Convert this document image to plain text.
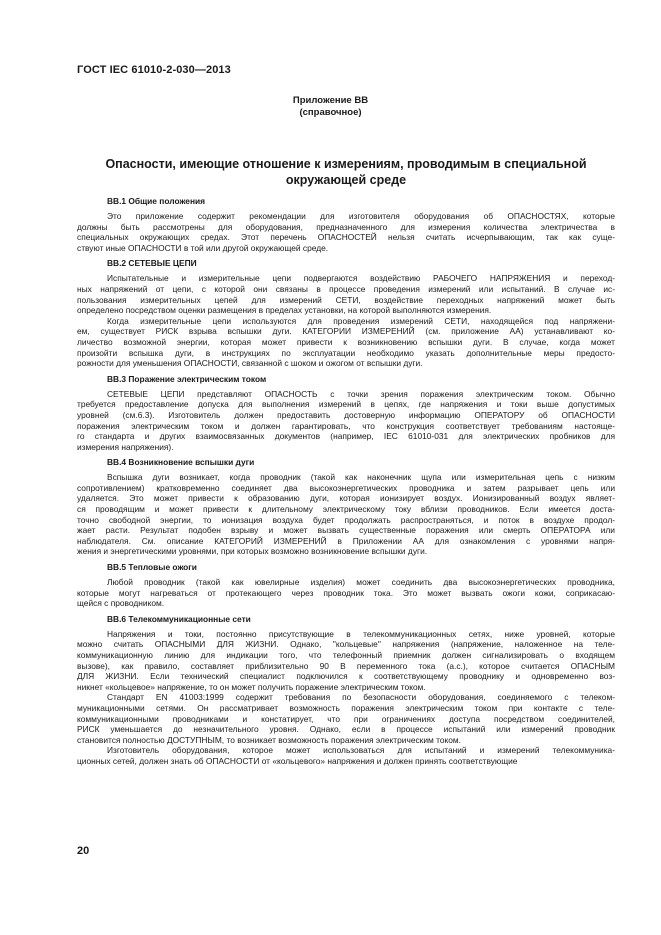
ГОСТ IEC 61010-2-030—2013
Приложение ВВ
(справочное)
Опасности, имеющие отношение к измерениям, проводимым в специальной
окружающей среде
ВВ.1 Общие положения
Это приложение содержит рекомендации для изготовителя оборудования об ОПАСНОСТЯХ, которые
должны быть рассмотрены для оборудования, предназначенного для измерения количества электричества в
специальных окружающих средах. Этот перечень ОПАСНОСТЕЙ нельзя считать исчерпывающим, так как суще-
ствуют иные ОПАСНОСТИ в той или другой окружающей среде.
ВВ.2 СЕТЕВЫЕ ЦЕПИ
Испытательные и измерительные цепи подвергаются воздействию РАБОЧЕГО НАПРЯЖЕНИЯ и переход-
ных напряжений от цепи, с которой они связаны в процессе проведения измерений или испытаний. В случае ис-
пользования измерительных цепей для измерений СЕТИ, воздействие переходных напряжений может быть
определено посредством оценки размещения в пределах установки, на которой выполняются измерения.
Когда измерительные цепи используются для проведения измерений СЕТИ, находящейся под напряжени-
ем, существует РИСК взрыва вспышки дуги. КАТЕГОРИИ ИЗМЕРЕНИЙ (см. приложение АА) устанавливают ко-
личество возможной энергии, которая может привести к возникновению вспышки дуги. В случае, когда может
произойти вспышка дуги, в инструкциях по эксплуатации необходимо указать дополнительные меры предосто-
рожности для уменьшения ОПАСНОСТИ, связанной с шоком и ожогом от вспышки дуги.
ВВ.3 Поражение электрическим током
СЕТЕВЫЕ ЦЕПИ представляют ОПАСНОСТЬ с точки зрения поражения электрическим током. Обычно
требуется предоставление допуска для выполнения измерений в цепях, где напряжения и токи выше допустимых
уровней (см.6.3). Изготовитель должен предоставить достоверную информацию ОПЕРАТОРУ об ОПАСНОСТИ
поражения электрическим током и должен гарантировать, что конструкция соответствует требованиям настояще-
го стандарта и других взаимосвязанных документов (например, IEC 61010-031 для электрических пробников для
измерения напряжения).
ВВ.4 Возникновение вспышки дуги
Вспышка дуги возникает, когда проводник (такой как наконечник щупа или измерительная цепь с низким
сопротивлением) кратковременно соединяет два высокоэнергетических проводника и затем разрывает цепь или
удаляется. Это может привести к образованию дуги, которая ионизирует воздух. Ионизированный воздух являет-
ся проводящим и может привести к длительному электрическому току вблизи проводников. Если имеется доста-
точно свободной энергии, то ионизация воздуха будет продолжать распространяться, и поток в воздухе продол-
жает расти. Результат подобен взрыву и может вызвать существенные поражения или смерть ОПЕРАТОРА или
наблюдателя. См. описание КАТЕГОРИЙ ИЗМЕРЕНИЙ в Приложении АА для ознакомления с уровнями напря-
жения и энергетическими уровнями, при которых возможно возникновение вспышки дуги.
ВВ.5 Тепловые ожоги
Любой проводник (такой как ювелирные изделия) может соединить два высокоэнергетических проводника,
которые могут нагреваться от протекающего через проводник тока. Это может вызвать ожоги кожи, соприкасаю-
щейся с проводником.
ВВ.6 Телекоммуникационные сети
Напряжения и токи, постоянно присутствующие в телекоммуникационных сетях, ниже уровней, которые
можно считать ОПАСНЫМИ ДЛЯ ЖИЗНИ. Однако, "кольцевые" напряжения (напряжение, наложенное на теле-
коммуникационную линию для индикации того, что телефонный приемник должен сигнализировать о входящем
вызове), как правило, составляет приблизительно 90 В переменного тока (a.c.), которое считается ОПАСНЫМ
ДЛЯ ЖИЗНИ. Если технический специалист подключился к соответствующему проводнику и одновременно воз-
никнет «кольцевое» напряжение, то он может получить поражение электрическим током.
Стандарт EN 41003:1999 содержит требования по безопасности оборудования, соединяемого с телеком-
муникационными сетями. Он рассматривает возможность поражения электрическим током при контакте с теле-
коммуникационными проводниками и констатирует, что при ограничениях доступа посредством соединителей,
РИСК уменьшается до незначительного уровня. Однако, если в процессе испытаний или измерений проводник
становится полностью ДОСТУПНЫМ, то возникает возможность поражения электрическим током.
Изготовитель оборудования, которое может использоваться для испытаний и измерений телекоммуника-
ционных сетей, должен знать об ОПАСНОСТИ от «кольцевого» напряжения и должен принять соответствующие
20
